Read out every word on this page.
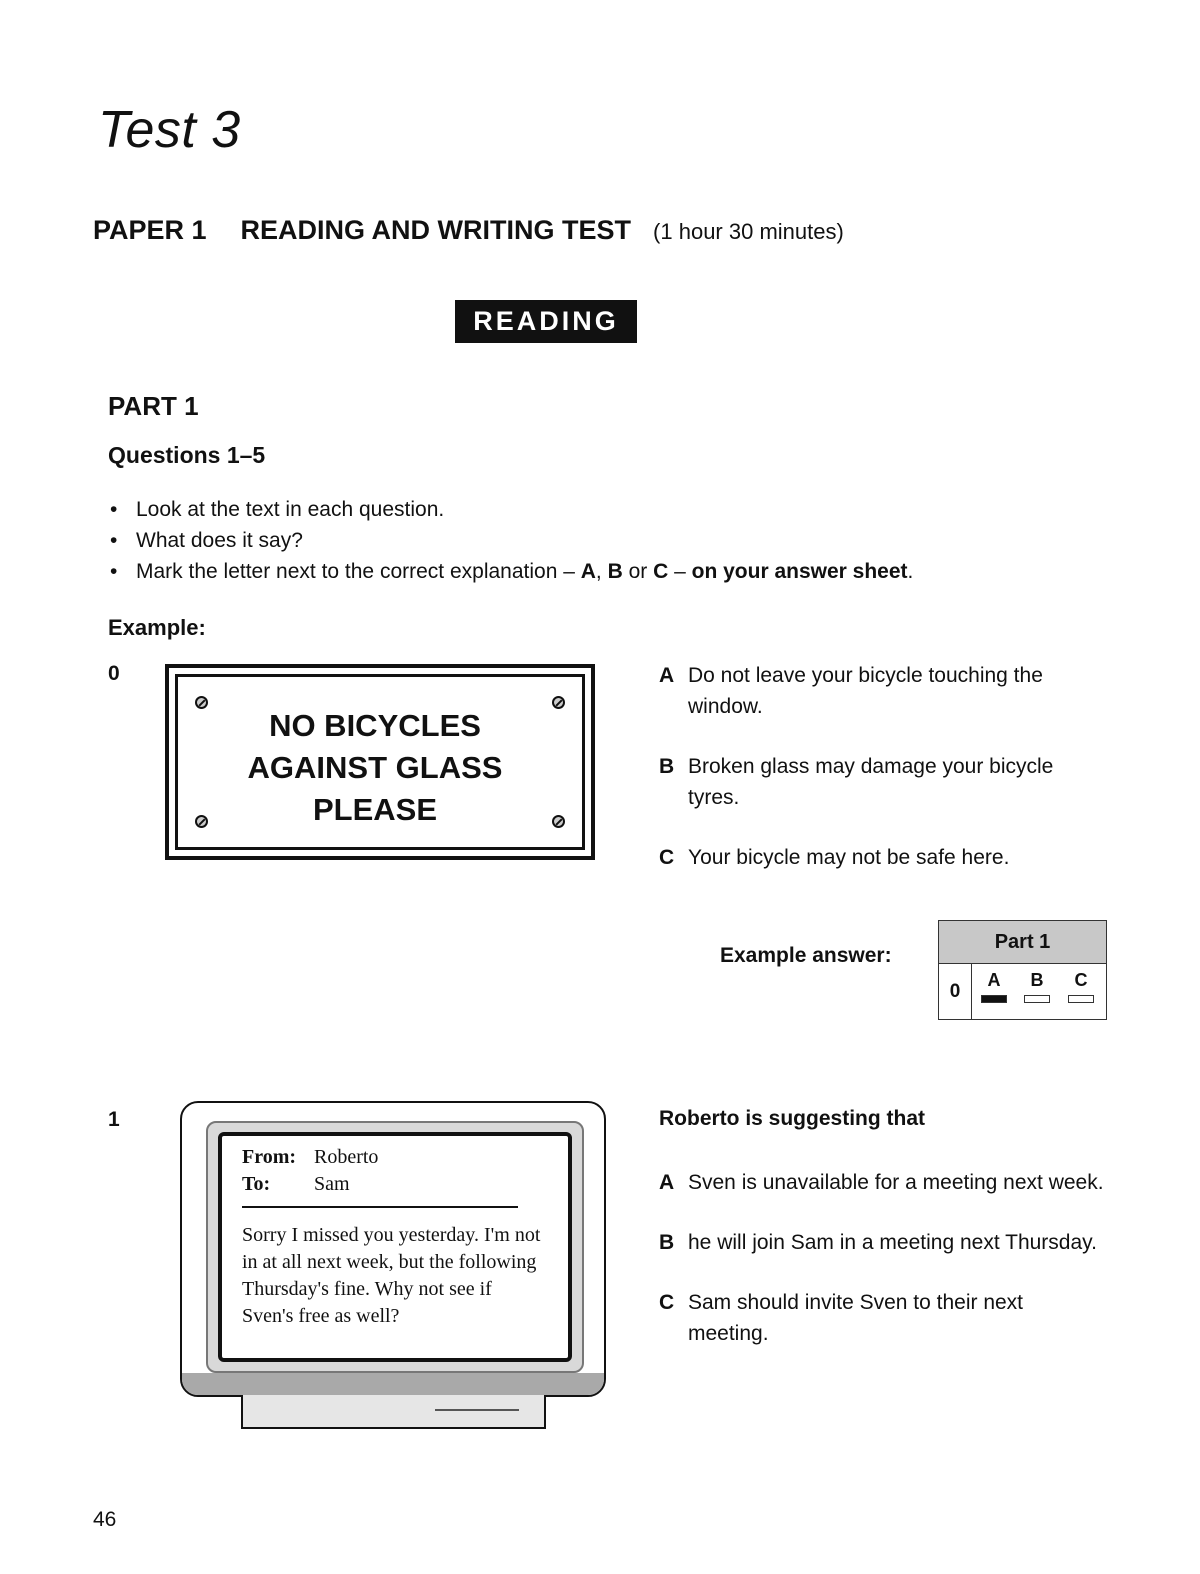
Test 3
PAPER 1 READING AND WRITING TEST (1 hour 30 minutes)
READING
PART 1
Questions 1–5
• Look at the text in each question.
• What does it say?
• Mark the letter next to the correct explanation – A, B or C – on your answer sheet.
Example:
0
NO BICYCLES
AGAINST GLASS
PLEASE
A Do not leave your bicycle touching the window.
B Broken glass may damage your bicycle tyres.
C Your bicycle may not be safe here.
Example answer:
Part 1
0
A	B	C
1
From: Roberto
To: Sam
Sorry I missed you yesterday. I'm not in at all next week, but the following Thursday's fine. Why not see if Sven's free as well?
Roberto is suggesting that
A Sven is unavailable for a meeting next week.
B he will join Sam in a meeting next Thursday.
C Sam should invite Sven to their next meeting.
46
